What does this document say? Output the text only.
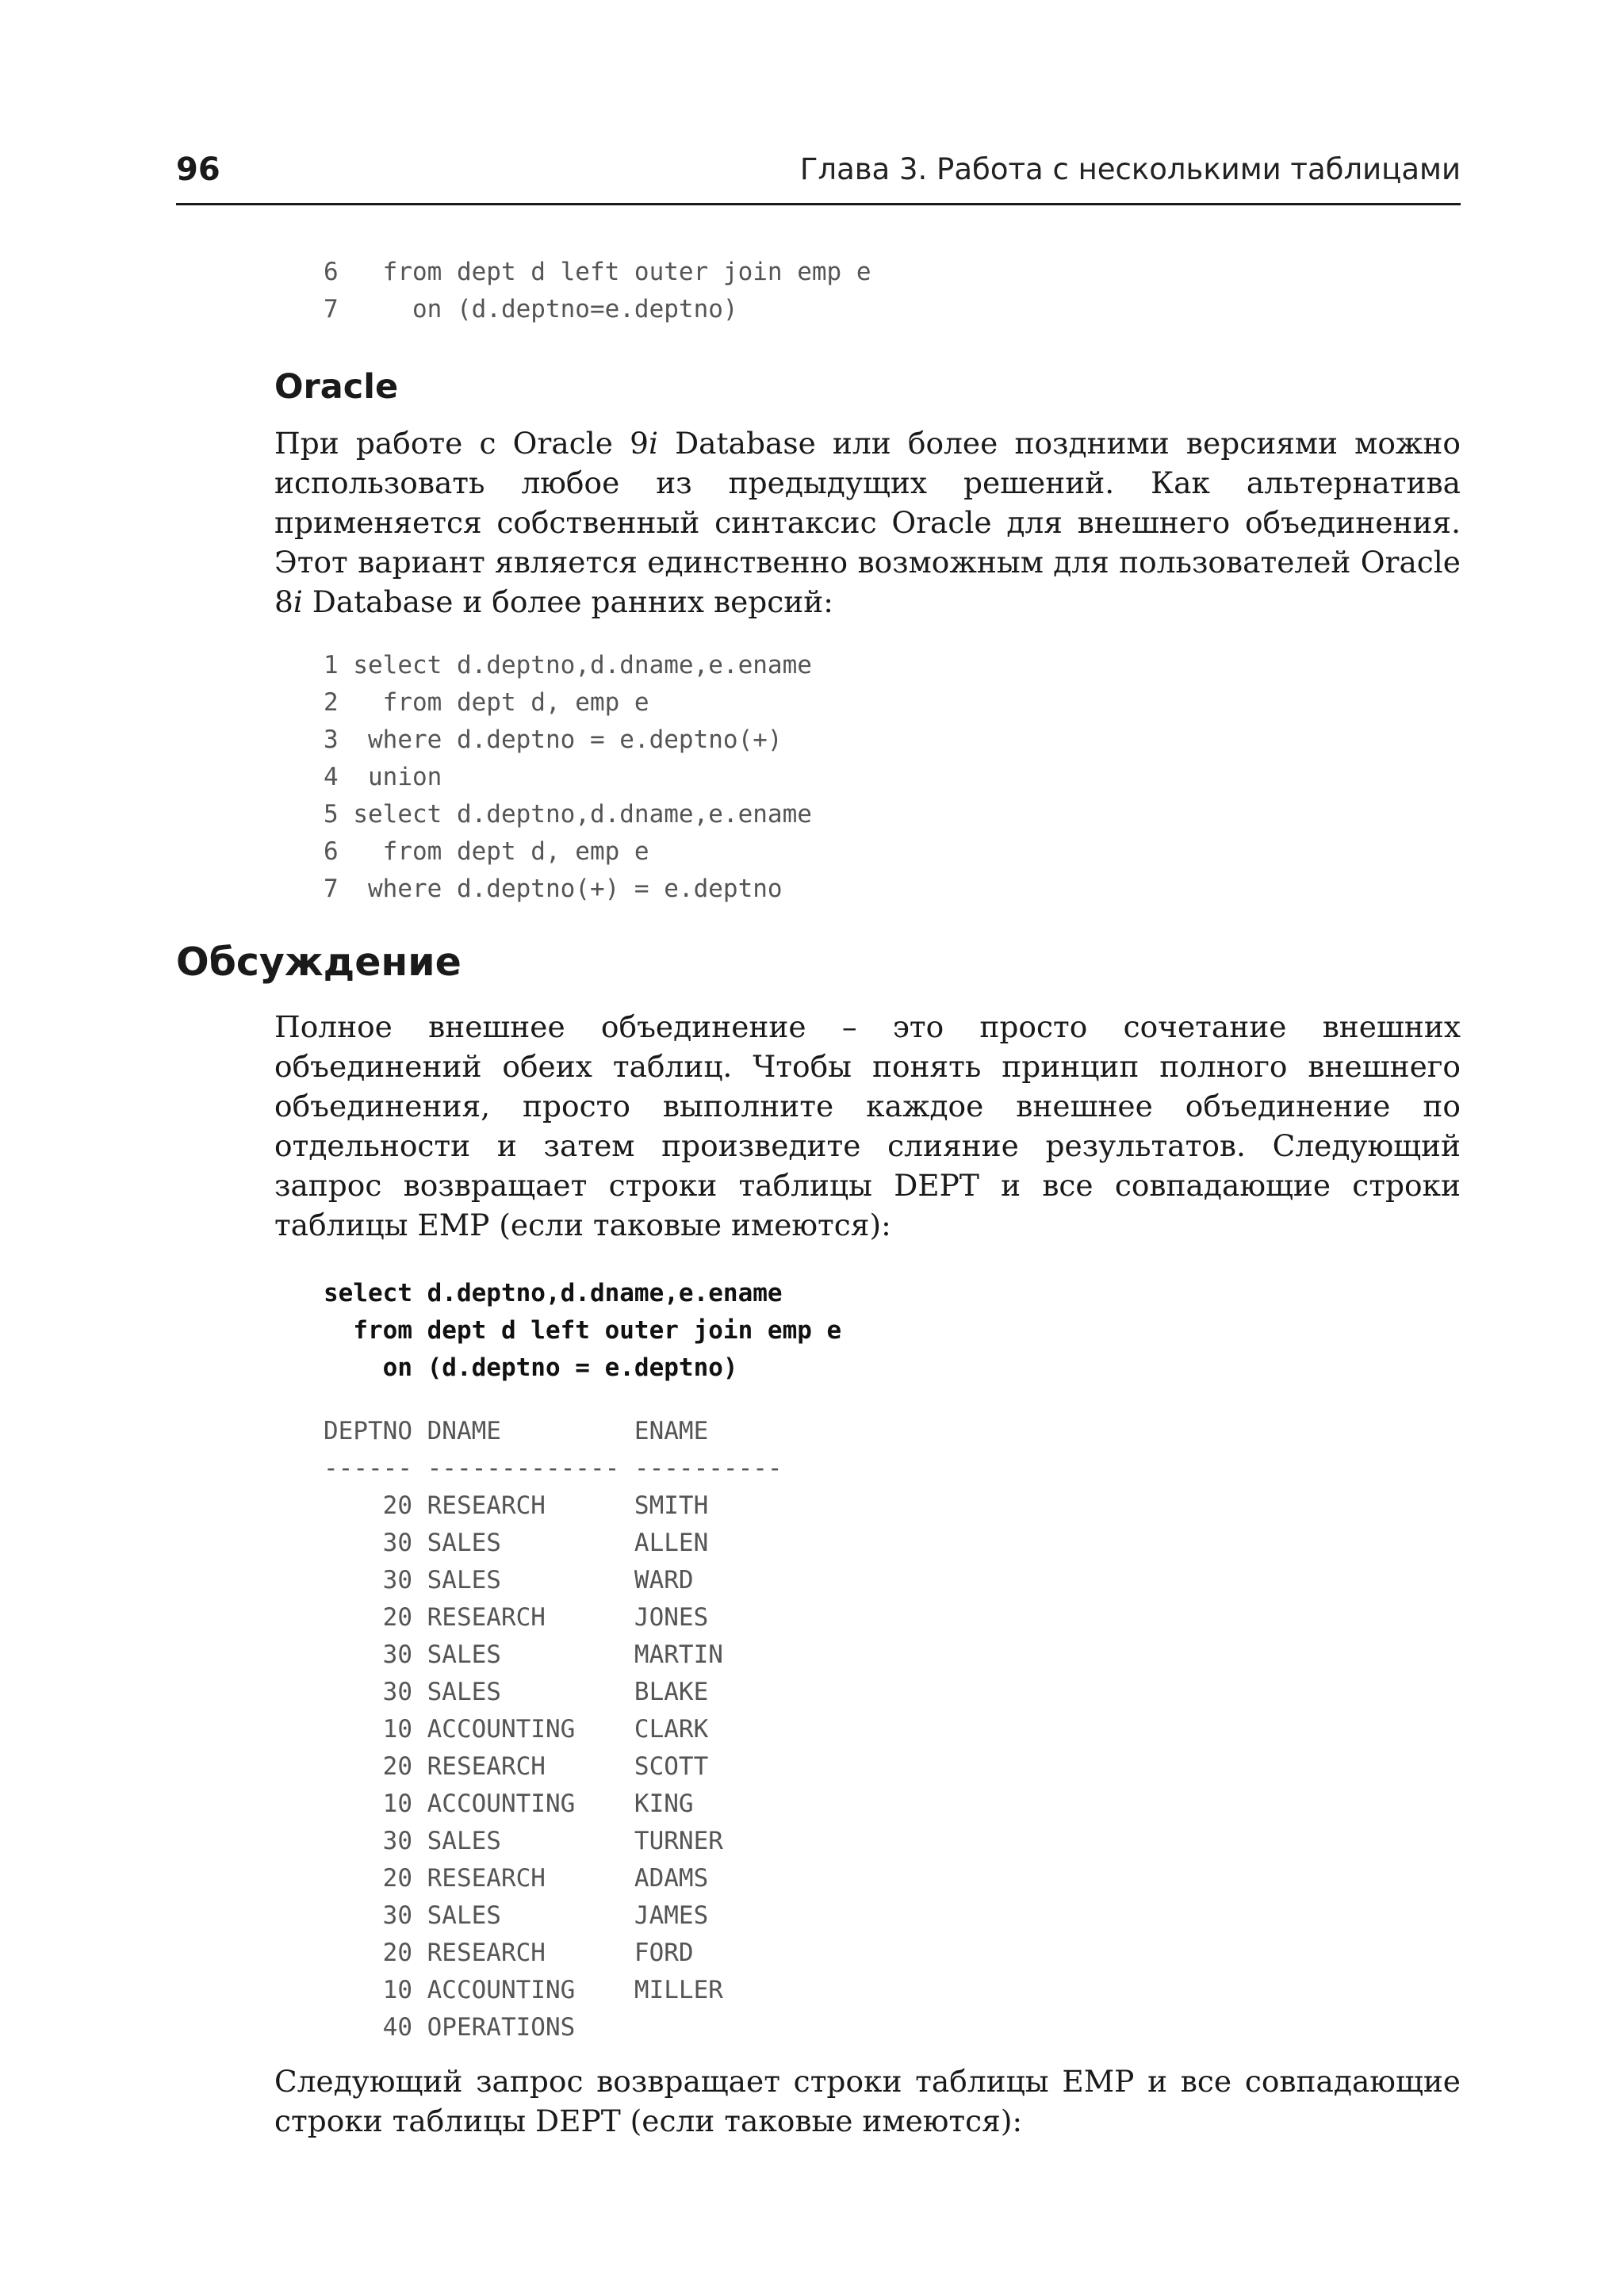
96	Глава 3. Работа с несколькими таблицами
6   from dept d left outer join emp e
7     on (d.deptno=e.deptno)
Oracle

При работе с Oracle 9i Database или более поздними версиями можно использовать любое из предыдущих решений. Как альтернатива применяется собственный синтаксис Oracle для внешнего объединения. Этот вариант является единственно возможным для пользователей Oracle 8i Database и более ранних версий:

1 select d.deptno,d.dname,e.ename
2   from dept d, emp e
3  where d.deptno = e.deptno(+)
4  union
5 select d.deptno,d.dname,e.ename
6   from dept d, emp e
7  where d.deptno(+) = e.deptno
Обсуждение

Полное внешнее объединение – это просто сочетание внешних объединений обеих таблиц. Чтобы понять принцип полного внешнего объединения, просто выполните каждое внешнее объединение по отдельности и затем произведите слияние результатов. Следующий запрос возвращает строки таблицы DEPT и все совпадающие строки таблицы EMP (если таковые имеются):

select d.deptno,d.dname,e.ename
from dept d left outer join emp e
on (d.deptno = e.deptno)
DEPTNO DNAME         ENAME
------ ------------- ----------
20 RESEARCH      SMITH
30 SALES         ALLEN
30 SALES         WARD
20 RESEARCH      JONES
30 SALES         MARTIN
30 SALES         BLAKE
10 ACCOUNTING    CLARK
20 RESEARCH      SCOTT
10 ACCOUNTING    KING
30 SALES         TURNER
20 RESEARCH      ADAMS
30 SALES         JAMES
20 RESEARCH      FORD
10 ACCOUNTING    MILLER
40 OPERATIONS

Следующий запрос возвращает строки таблицы EMP и все совпадающие строки таблицы DEPT (если таковые имеются):
